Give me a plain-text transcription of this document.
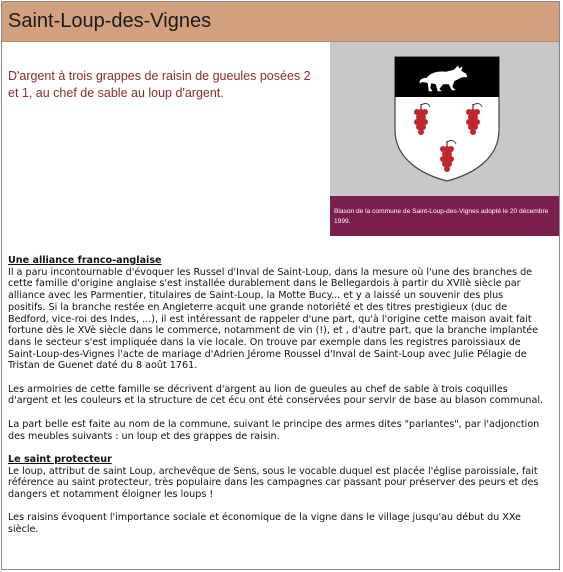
Saint-Loup-des-Vignes
D'argent à trois grappes de raisin de gueules posées 2 et 1, au chef de sable au loup d'argent.
Blason de la commune de Saint-Loup-des-Vignes adopté le 20 décembre 1999.

Une alliance franco-anglaise

Il a paru incontournable d'évoquer les Russel d'Inval de Saint-Loup, dans la mesure où l'une des branches de

cette famille d'origine anglaise s'est installée durablement dans le Bellegardois à partir du XVIIè siècle par

alliance avec les Parmentier, titulaires de Saint-Loup, la Motte Bucy... et y a laissé un souvenir des plus

positifs. Si la branche restée en Angleterre acquit une grande notoriété et des titres prestigieux (duc de

Bedford, vice-roi des Indes, ...), il est intéressant de rappeler d'une part, qu'à l'origine cette maison avait fait

fortune dès le XVè siècle dans le commerce, notamment de vin (!), et , d'autre part, que la branche implantée

dans le secteur s'est impliquée dans la vie locale. On trouve par exemple dans les registres paroissiaux de

Saint-Loup-des-Vignes l'acte de mariage d'Adrien Jérome Roussel d'Inval de Saint-Loup avec Julie Pélagie de

Tristan de Guenet daté du 8 août 1761.

Les armoiries de cette famille se décrivent d'argent au lion de gueules au chef de sable à trois coquilles

d'argent et les couleurs et la structure de cet écu ont été conservées pour servir de base au blason communal.

La part belle est faite au nom de la commune, suivant le principe des armes dites "parlantes", par l'adjonction

des meubles suivants : un loup et des grappes de raisin.

Le saint protecteur

Le loup, attribut de saint Loup, archevêque de Sens, sous le vocable duquel est placée l'église paroissiale, fait

référence au saint protecteur, très populaire dans les campagnes car passant pour préserver des peurs et des

dangers et notamment éloigner les loups !

Les raisins évoquent l'importance sociale et économique de la vigne dans le village jusqu'au début du XXe

siècle.
